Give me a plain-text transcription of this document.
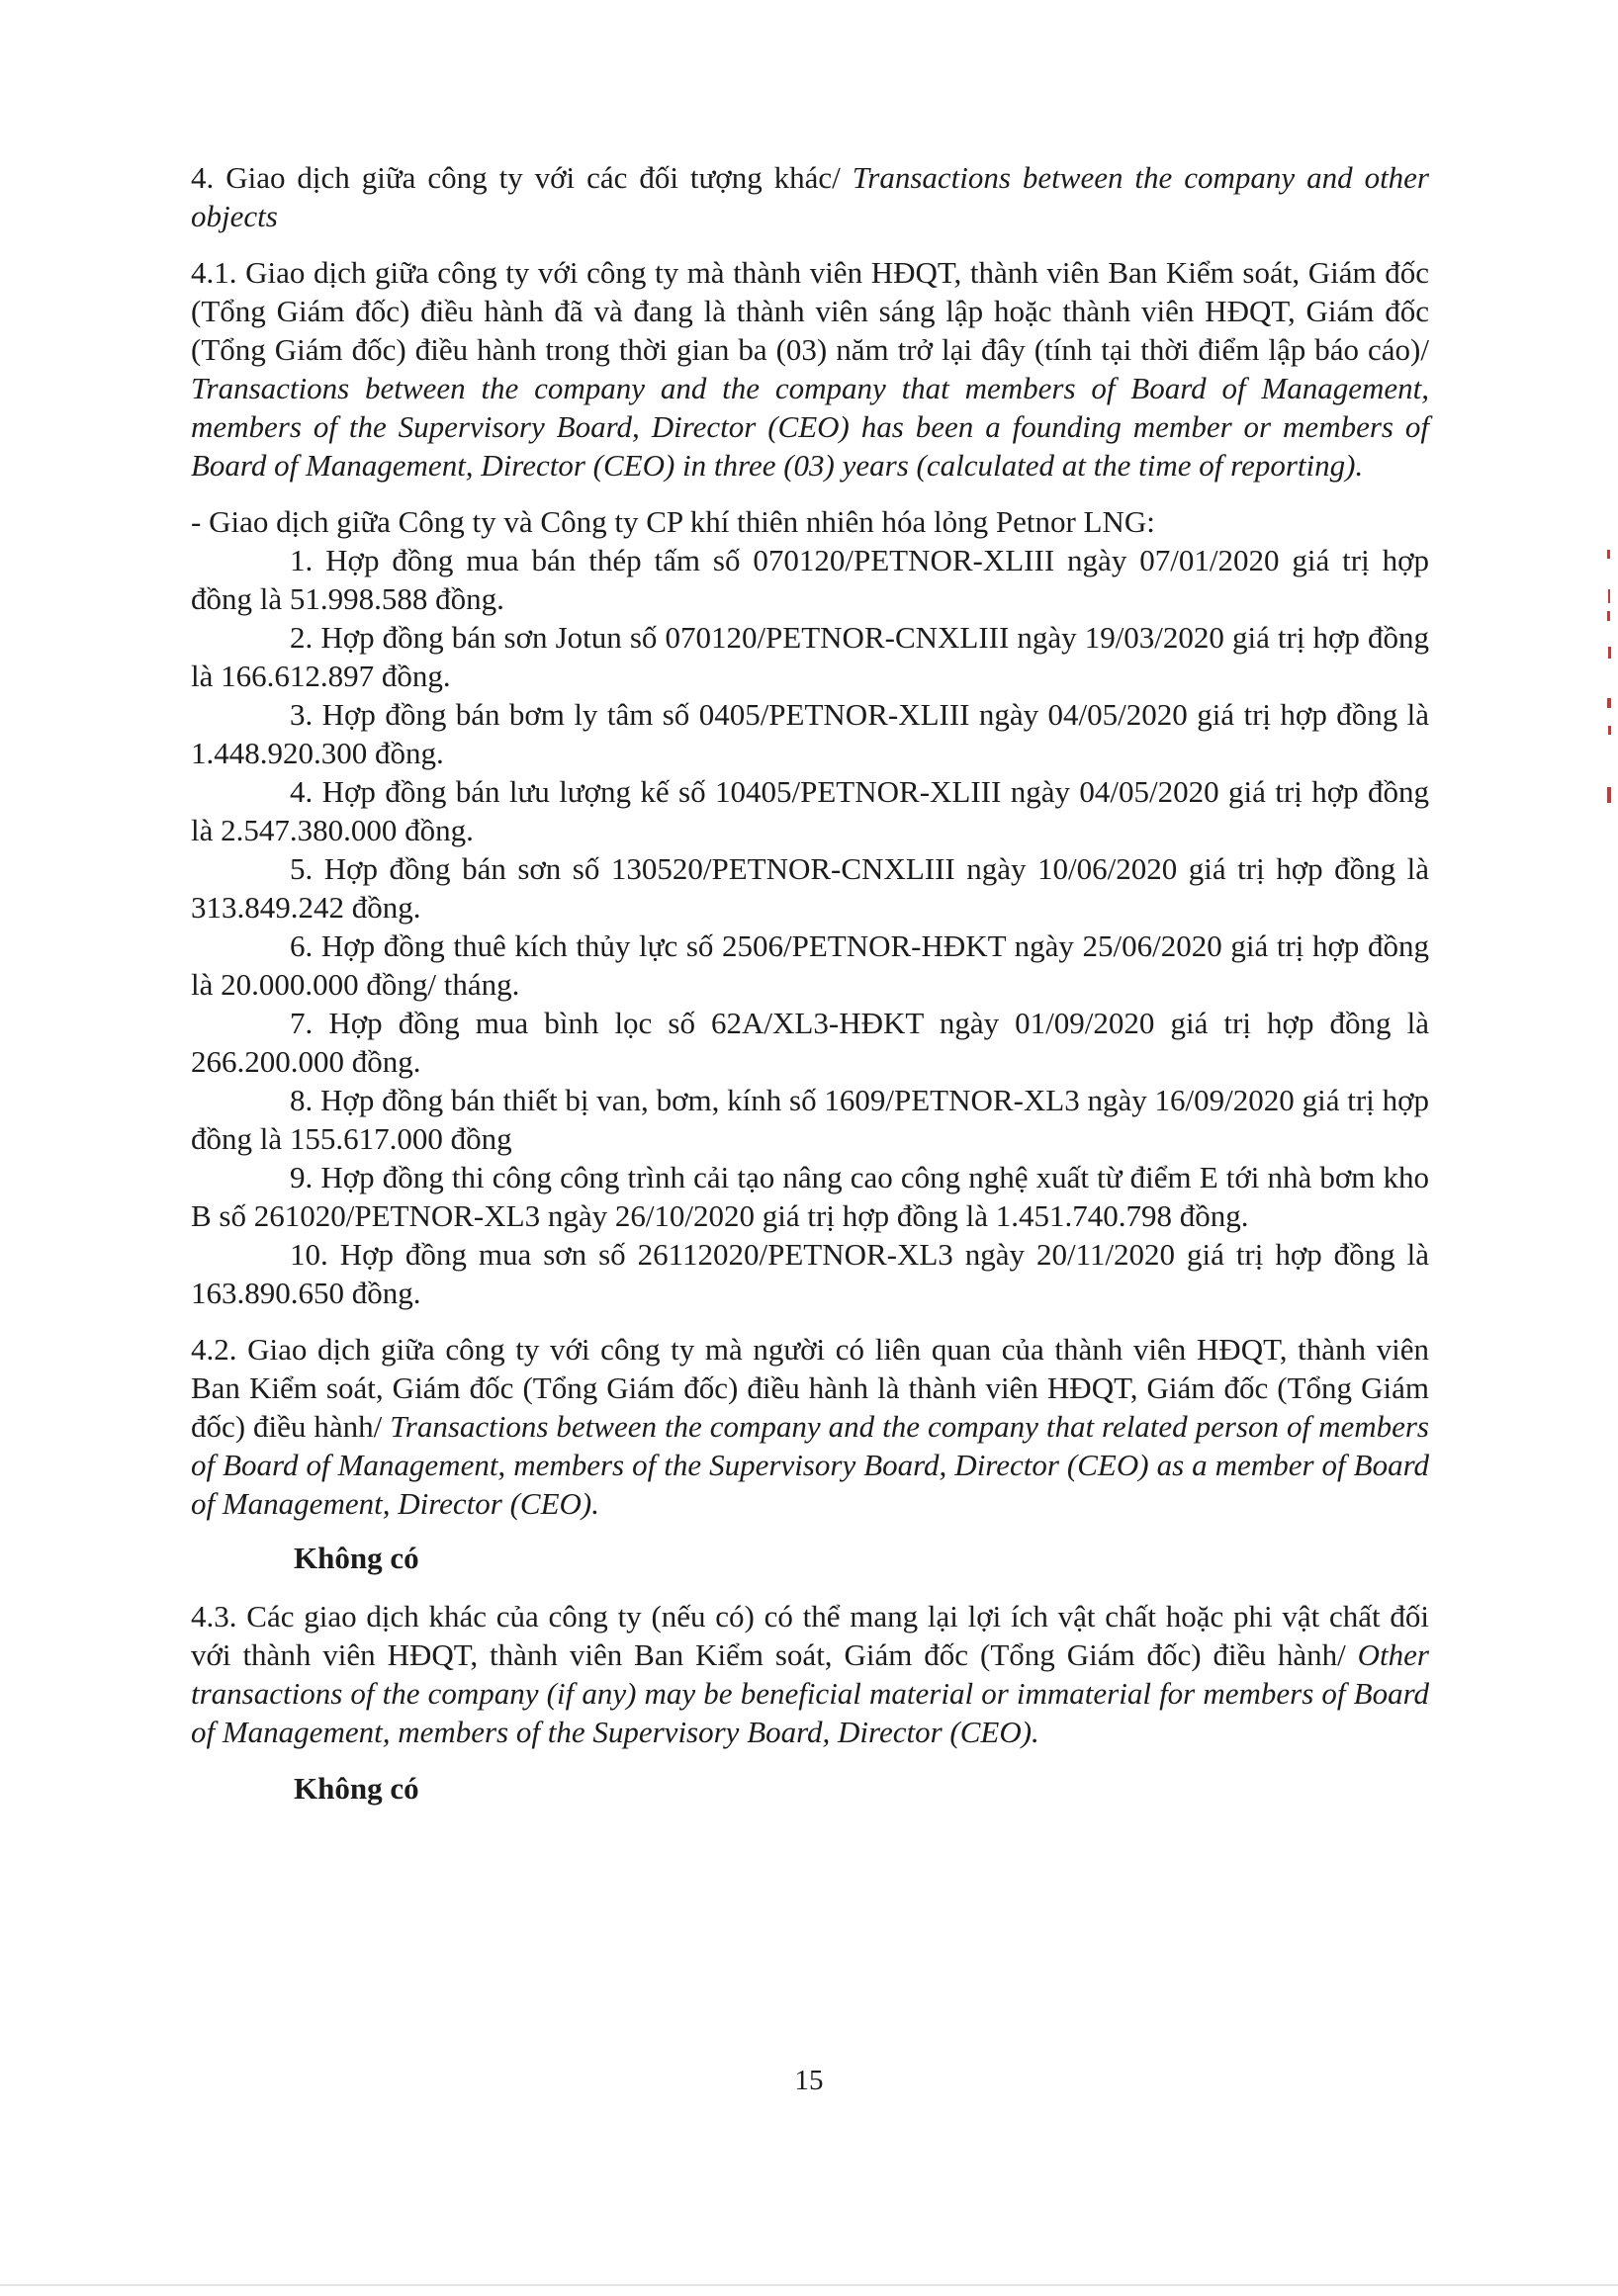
4. Giao dịch giữa công ty với các đối tượng khác/ Transactions between the company and other objects

4.1. Giao dịch giữa công ty với công ty mà thành viên HĐQT, thành viên Ban Kiểm soát, Giám đốc (Tổng Giám đốc) điều hành đã và đang là thành viên sáng lập hoặc thành viên HĐQT, Giám đốc (Tổng Giám đốc) điều hành trong thời gian ba (03) năm trở lại đây (tính tại thời điểm lập báo cáo)/ Transactions between the company and the company that members of Board of Management, members of the Supervisory Board, Director (CEO) has been a founding member or members of Board of Management, Director (CEO) in three (03) years (calculated at the time of reporting).

- Giao dịch giữa Công ty và Công ty CP khí thiên nhiên hóa lỏng Petnor LNG:

1. Hợp đồng mua bán thép tấm số 070120/PETNOR-XLIII ngày 07/01/2020 giá trị hợp đồng là 51.998.588 đồng.

2. Hợp đồng bán sơn Jotun số 070120/PETNOR-CNXLIII ngày 19/03/2020 giá trị hợp đồng là 166.612.897 đồng.

3. Hợp đồng bán bơm ly tâm số 0405/PETNOR-XLIII ngày 04/05/2020 giá trị hợp đồng là 1.448.920.300 đồng.

4. Hợp đồng bán lưu lượng kế số 10405/PETNOR-XLIII ngày 04/05/2020 giá trị hợp đồng là 2.547.380.000 đồng.

5. Hợp đồng bán sơn số 130520/PETNOR-CNXLIII ngày 10/06/2020 giá trị hợp đồng là 313.849.242 đồng.

6. Hợp đồng thuê kích thủy lực số 2506/PETNOR-HĐKT ngày 25/06/2020 giá trị hợp đồng là 20.000.000 đồng/ tháng.

7. Hợp đồng mua bình lọc số 62A/XL3-HĐKT ngày 01/09/2020 giá trị hợp đồng là 266.200.000 đồng.

8. Hợp đồng bán thiết bị van, bơm, kính số 1609/PETNOR-XL3 ngày 16/09/2020 giá trị hợp đồng là 155.617.000 đồng

9. Hợp đồng thi công công trình cải tạo nâng cao công nghệ xuất từ điểm E tới nhà bơm kho B số 261020/PETNOR-XL3 ngày 26/10/2020 giá trị hợp đồng là 1.451.740.798 đồng.

10. Hợp đồng mua sơn số 26112020/PETNOR-XL3 ngày 20/11/2020 giá trị hợp đồng là 163.890.650 đồng.

4.2. Giao dịch giữa công ty với công ty mà người có liên quan của thành viên HĐQT, thành viên Ban Kiểm soát, Giám đốc (Tổng Giám đốc) điều hành là thành viên HĐQT, Giám đốc (Tổng Giám đốc) điều hành/ Transactions between the company and the company that related person of members of Board of Management, members of the Supervisory Board, Director (CEO) as a member of Board of Management, Director (CEO).

Không có

4.3. Các giao dịch khác của công ty (nếu có) có thể mang lại lợi ích vật chất hoặc phi vật chất đối với thành viên HĐQT, thành viên Ban Kiểm soát, Giám đốc (Tổng Giám đốc) điều hành/ Other transactions of the company (if any) may be beneficial material or immaterial for members of Board of Management, members of the Supervisory Board, Director (CEO).

Không có

15
